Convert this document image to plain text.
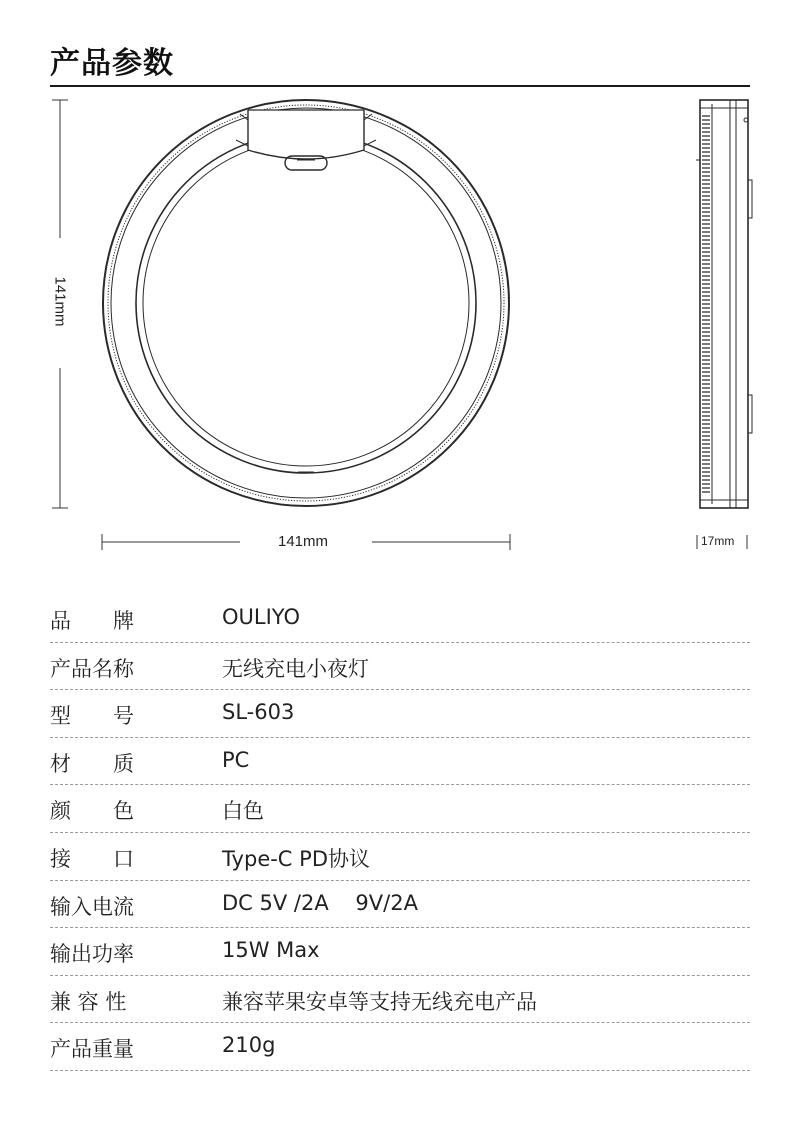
产品参数
141mm
141mm	17mm
品　　牌	OULIYO
产品名称	无线充电小夜灯
型　　号	SL-603
材　　质	PC
颜　　色	白色
接　　口	Type-C PD协议
输入电流	DC 5V /2A    9V/2A
输出功率	15W Max
兼 容 性	兼容苹果安卓等支持无线充电产品
产品重量	210g
